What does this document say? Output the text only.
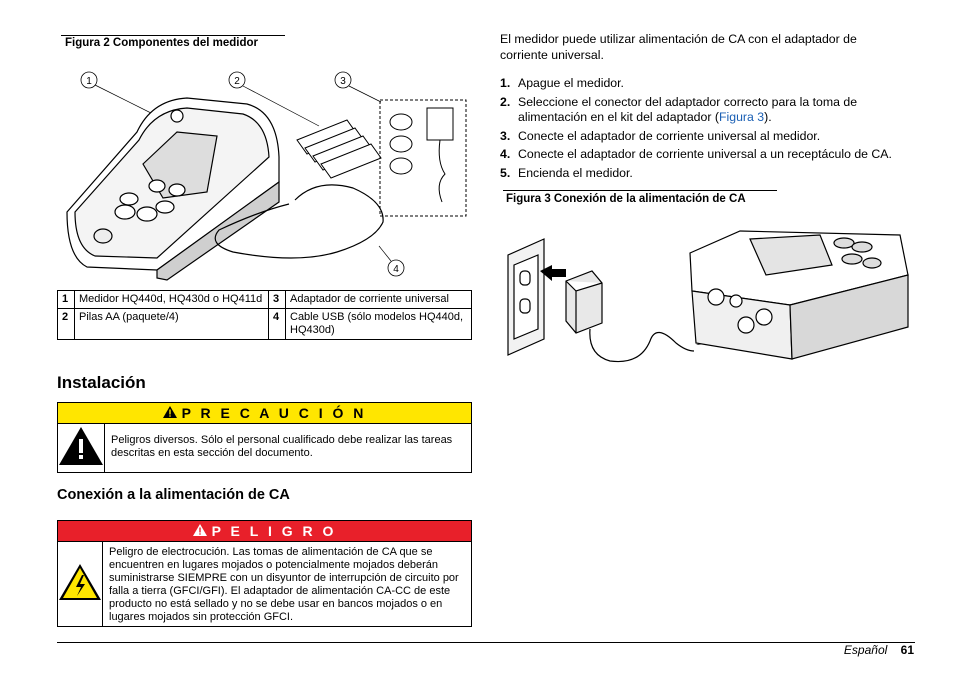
Figura 2 Componentes del medidor
1	2	3
4
1	Medidor HQ440d, HQ430d o HQ411d	3	Adaptador de corriente universal
2	Pilas AA (paquete/4)	4	Cable USB (sólo modelos HQ440d, HQ430d)
Instalación
P R E C A U C I Ó N
Peligros diversos. Sólo el personal cualificado debe realizar las tareas descritas en esta sección del documento.
Conexión a la alimentación de CA
P E L I G R O
Peligro de electrocución. Las tomas de alimentación de CA que se encuentren en lugares mojados o potencialmente mojados deberán suministrarse SIEMPRE con un disyuntor de interrupción de circuito por falla a tierra (GFCI/GFI). El adaptador de alimentación CA-CC de este producto no está sellado y no se debe usar en bancos mojados o en lugares mojados sin protección GFCI.

El medidor puede utilizar alimentación de CA con el adaptador de corriente universal.

1. Apague el medidor.
2. Seleccione el conector del adaptador correcto para la toma de alimentación en el kit del adaptador (Figura 3).
3. Conecte el adaptador de corriente universal al medidor.
4. Conecte el adaptador de corriente universal a un receptáculo de CA.
5. Encienda el medidor.
Figura 3 Conexión de la alimentación de CA
Español 61
